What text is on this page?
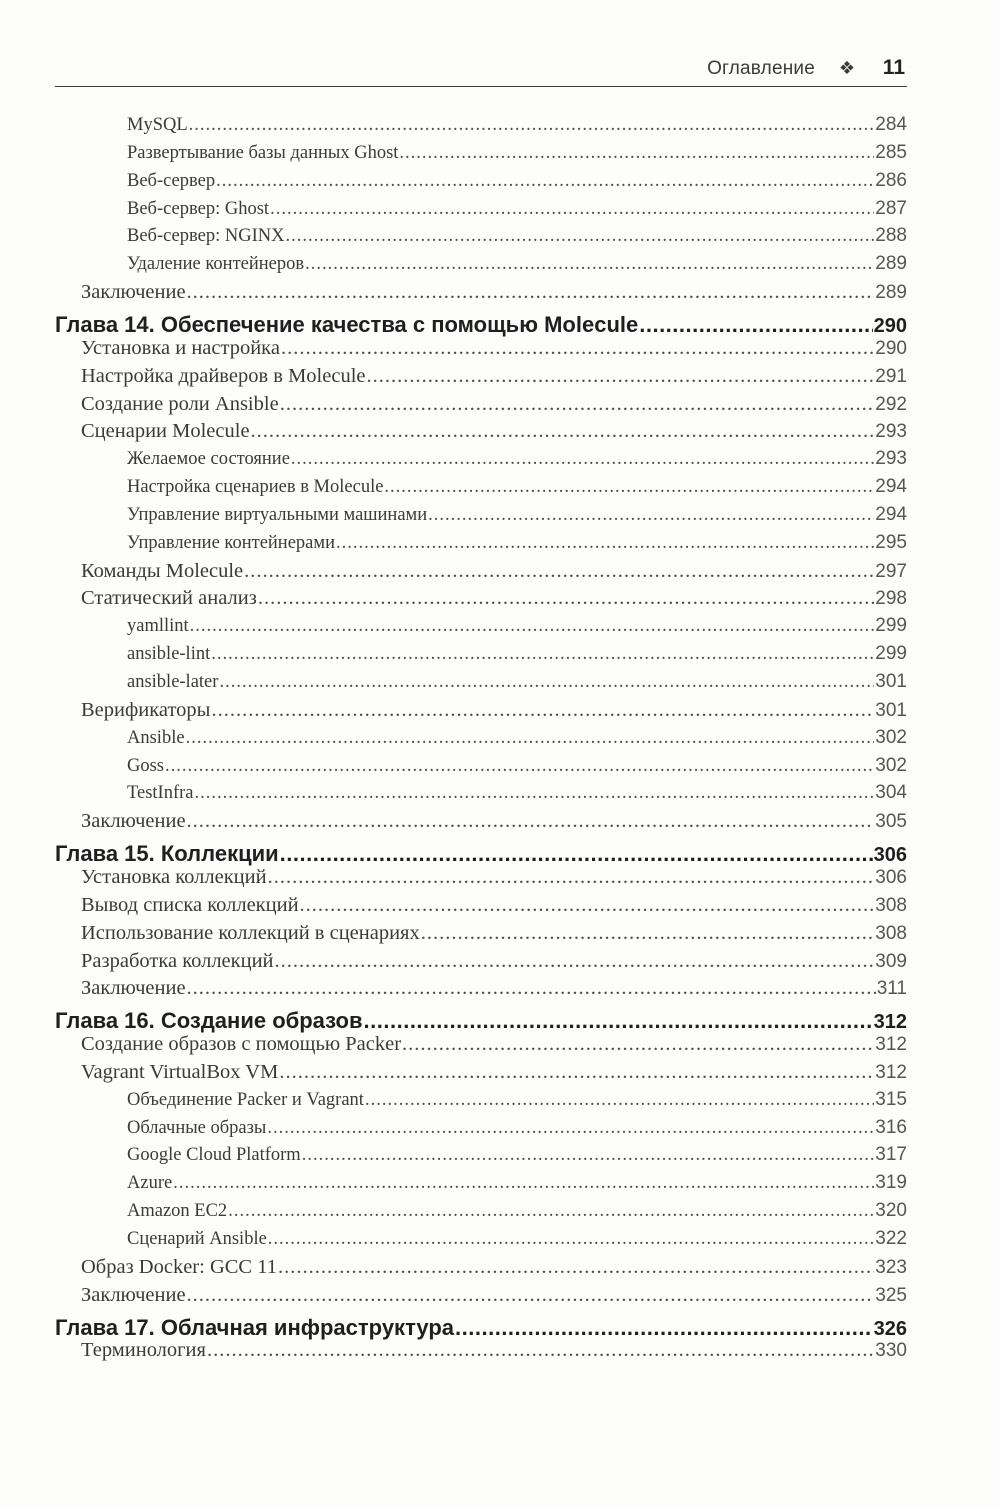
Оглавление ❖ 11
MySQL .....	284
Развертывание базы данных Ghost .....	285
Веб-сервер .....	286
Веб-сервер: Ghost .....	287
Веб-сервер: NGINX .....	288
Удаление контейнеров .....	289
Заключение .....	289
Глава 14. Обеспечение качества с помощью Molecule .....	290
Установка и настройка .....	290
Настройка драйверов в Molecule .....	291
Создание роли Ansible .....	292
Сценарии Molecule .....	293
Желаемое состояние .....	293
Настройка сценариев в Molecule .....	294
Управление виртуальными машинами .....	294
Управление контейнерами .....	295
Команды Molecule .....	297
Статический анализ .....	298
yamllint .....	299
ansible-lint .....	299
ansible-later .....	301
Верификаторы .....	301
Ansible .....	302
Goss .....	302
TestInfra .....	304
Заключение .....	305
Глава 15. Коллекции .....	306
Установка коллекций .....	306
Вывод списка коллекций .....	308
Использование коллекций в сценариях .....	308
Разработка коллекций .....	309
Заключение .....	311
Глава 16. Создание образов .....	312
Создание образов с помощью Packer .....	312
Vagrant VirtualBox VM .....	312
Объединение Packer и Vagrant .....	315
Облачные образы .....	316
Google Cloud Platform .....	317
Azure .....	319
Amazon EC2 .....	320
Сценарий Ansible .....	322
Образ Docker: GCC 11 .....	323
Заключение .....	325
Глава 17. Облачная инфраструктура .....	326
Терминология .....	330
